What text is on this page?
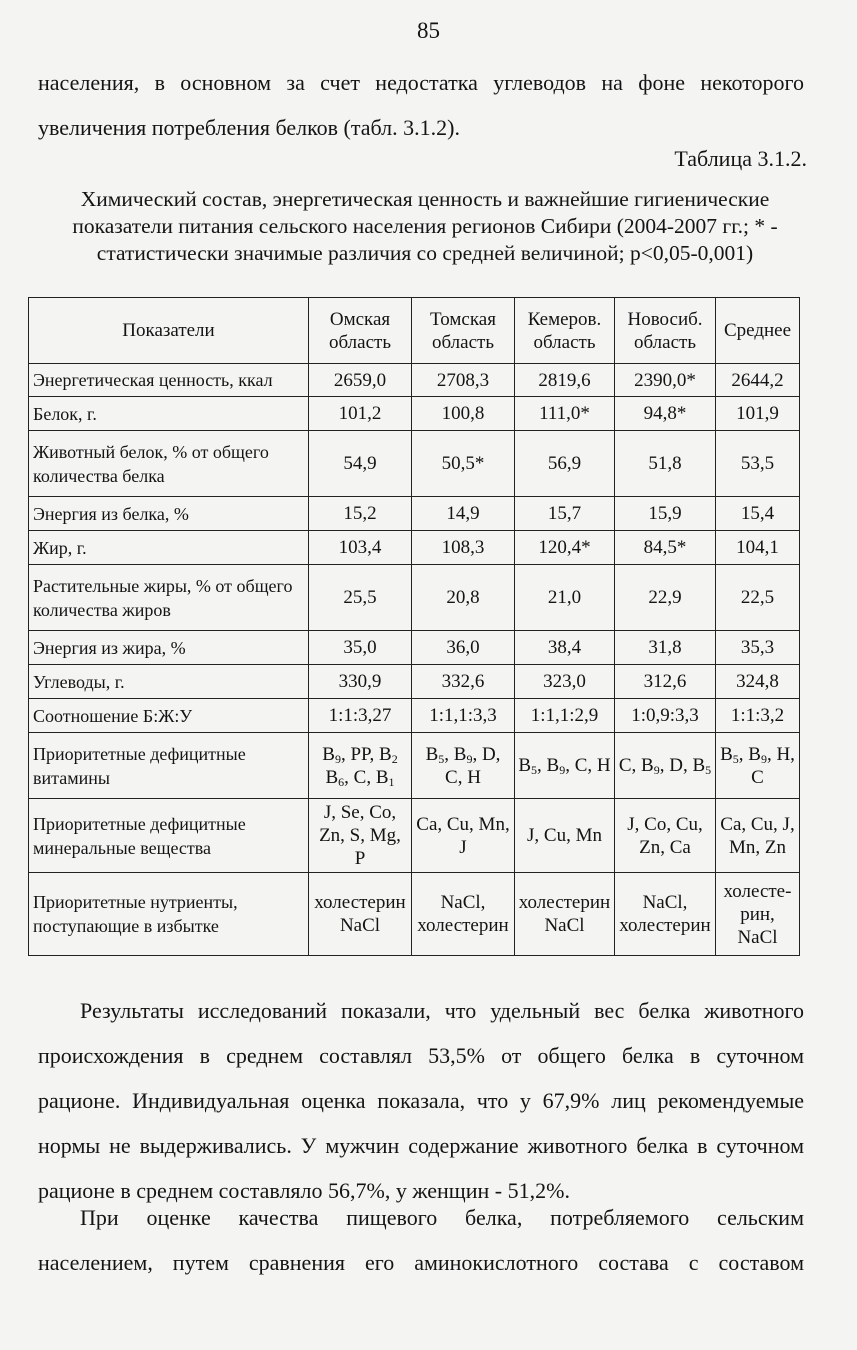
85
населения, в основном за счет недостатка углеводов на фоне некоторого
увеличения потребления белков (табл. 3.1.2).
Таблица 3.1.2.
Химический состав, энергетическая ценность и важнейшие гигиенические
показатели питания сельского населения регионов Сибири (2004-2007 гг.; * -
статистически значимые различия со средней величиной; p<0,05-0,001)
Показатели	Омская область	Томская область	Кемеров. область	Новосиб. область	Среднее
Энергетическая ценность, ккал	2659,0	2708,3	2819,6	2390,0*	2644,2
Белок, г.	101,2	100,8	111,0*	94,8*	101,9
Животный белок, % от общего количества белка	54,9	50,5*	56,9	51,8	53,5
Энергия из белка, %	15,2	14,9	15,7	15,9	15,4
Жир, г.	103,4	108,3	120,4*	84,5*	104,1
Растительные жиры, % от общего количества жиров	25,5	20,8	21,0	22,9	22,5
Энергия из жира, %	35,0	36,0	38,4	31,8	35,3
Углеводы, г.	330,9	332,6	323,0	312,6	324,8
Соотношение Б:Ж:У	1:1:3,27	1:1,1:3,3	1:1,1:2,9	1:0,9:3,3	1:1:3,2
Приоритетные дефицитные витамины	$B_9$, PP, $B_2$ $B_6$, C, $B_1$	$B_5$, $B_9$, D, C, H	$B_5$, $B_9$, C, H	C, $B_9$, D, $B_5$	$B_5$, $B_9$, H, C
Приоритетные дефицитные минеральные вещества	J, Se, Co, Zn, S, Mg, P	Ca, Cu, Mn, J	J, Cu, Mn	J, Co, Cu, Zn, Ca	Ca, Cu, J, Mn, Zn
Приоритетные нутриенты, поступающие в избытке	холестерин NaCl	NaCl, холестерин	холестерин NaCl	NaCl, холестерин	холесте-рин, NaCl
Результаты исследований показали, что удельный вес белка животного
происхождения в среднем составлял 53,5% от общего белка в суточном
рационе. Индивидуальная оценка показала, что у 67,9% лиц рекомендуемые
нормы не выдерживались. У мужчин содержание животного белка в суточном
рационе в среднем составляло 56,7%, у женщин - 51,2%.
При оценке качества пищевого белка, потребляемого сельским
населением, путем сравнения его аминокислотного состава с составом
